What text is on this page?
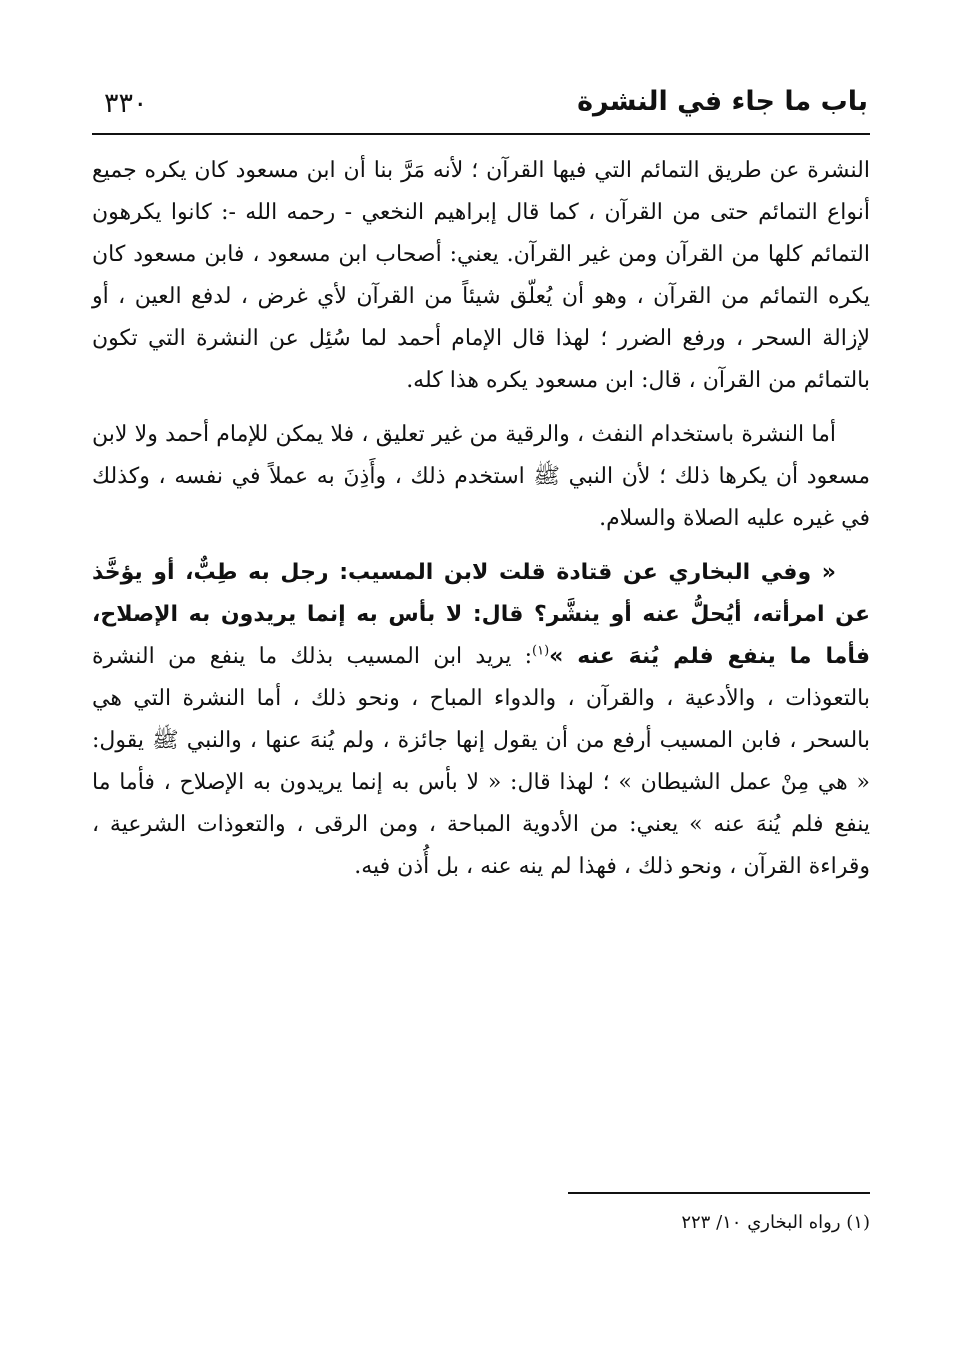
باب ما جاء في النشرة
٣٣٠

النشرة عن طريق التمائم التي فيها القرآن ؛ لأنه مَرَّ بنا أن ابن مسعود كان يكره جميع أنواع التمائم حتى من القرآن ، كما قال إبراهيم النخعي - رحمه الله -: كانوا يكرهون التمائم كلها من القرآن ومن غير القرآن. يعني: أصحاب ابن مسعود ، فابن مسعود كان يكره التمائم من القرآن ، وهو أن يُعلّق شيئاً من القرآن لأي غرض ، لدفع العين ، أو لإزالة السحر ، ورفع الضرر ؛ لهذا قال الإمام أحمد لما سُئِل عن النشرة التي تكون بالتمائم من القرآن ، قال: ابن مسعود يكره هذا كله.

أما النشرة باستخدام النفث ، والرقية من غير تعليق ، فلا يمكن للإمام أحمد ولا لابن مسعود أن يكرها ذلك ؛ لأن النبي ﷺ استخدم ذلك ، وأَذِنَ به عملاً في نفسه ، وكذلك في غيره عليه الصلاة والسلام.

« وفي البخاري عن قتادة قلت لابن المسيب: رجل به طِبٌّ، أو يؤخَّذ عن امرأته، أيُحلُّ عنه أو ينشَّر؟ قال: لا بأس به إنما يريدون به الإصلاح، فأما ما ينفع فلم يُنهَ عنه »$^{(١)}$: يريد ابن المسيب بذلك ما ينفع من النشرة بالتعوذات ، والأدعية ، والقرآن ، والدواء المباح ، ونحو ذلك ، أما النشرة التي هي بالسحر ، فابن المسيب أرفع من أن يقول إنها جائزة ، ولم يُنهَ عنها ، والنبي ﷺ يقول: « هي مِنْ عمل الشيطان » ؛ لهذا قال: « لا بأس به إنما يريدون به الإصلاح ، فأما ما ينفع فلم يُنهَ عنه » يعني: من الأدوية المباحة ، ومن الرقى ، والتعوذات الشرعية ، وقراءة القرآن ، ونحو ذلك ، فهذا لم ينه عنه ، بل أُذن فيه.

(١) رواه البخاري ١٠/ ٢٢٣
